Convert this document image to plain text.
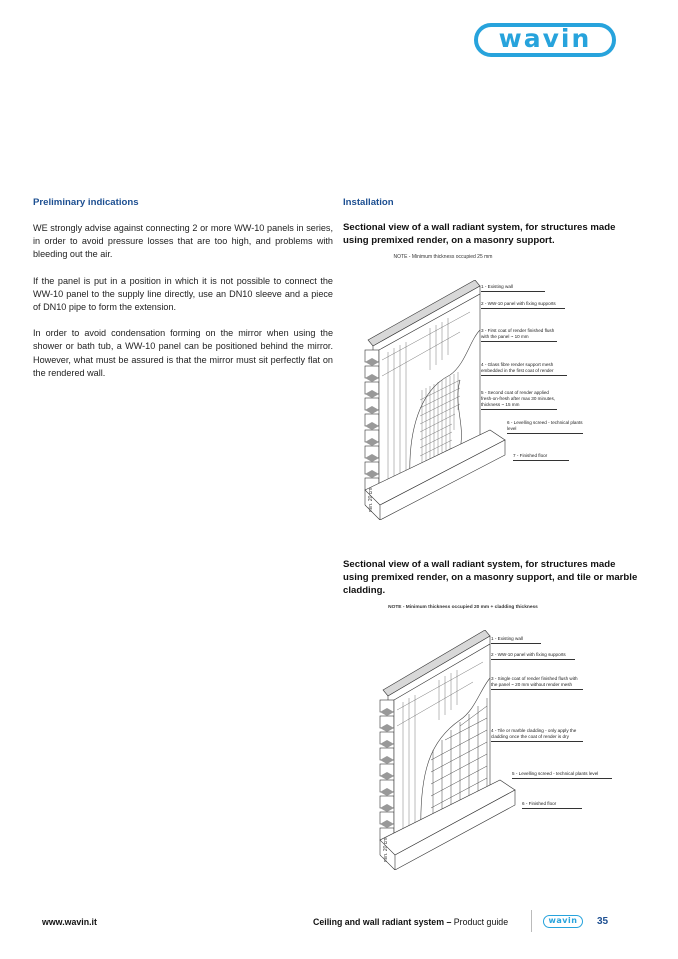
wavin
Preliminary indications

WE strongly advise against connecting 2 or more WW-10 panels in series, in order to avoid pressure losses that are too high, and problems with bleeding out the air.

If the panel is put in a position in which it is not possible to connect the WW-10 panel to the supply line directly, use an DN10 sleeve and a piece of DN10 pipe to form the extension.

In order to avoid condensation forming on the mirror when using the shower or bath tub, a WW-10 panel can be positioned behind the mirror. However, what must be assured is that the mirror must sit perfectly flat on the rendered wall.

Installation
Sectional view of a wall radiant system, for structures made using premixed render, on a masonry support.
NOTE - Minimum thickness occupied 25 mm
min. 20 cm
1 - Existing wall
2 - WW-10 panel with fixing supports
3 - First coat of render finished flush with the panel ~ 10 mm
4 - Glass fibre render support mesh embedded in the first coat of render
5 - Second coat of render applied fresh-on-fresh after max 30 minutes, thickness ~ 15 mm
6 - Levelling screed - technical plants level
7 - Finished floor
Sectional view of a wall radiant system, for structures made using premixed render, on a masonry support, and tile or marble cladding.
NOTE - Minimum thickness occupied 20 mm + cladding thickness
min. 20 cm
1 - Existing wall
2 - WW-10 panel with fixing supports
3 - Single coat of render finished flush with the panel ~ 20 mm without render mesh
4 - Tile or marble cladding - only apply the cladding once the coat of render is dry
5 - Levelling screed - technical plants level
6 - Finished floor
www.wavin.it	Ceiling and wall radiant system – Product guide	wavin 35
